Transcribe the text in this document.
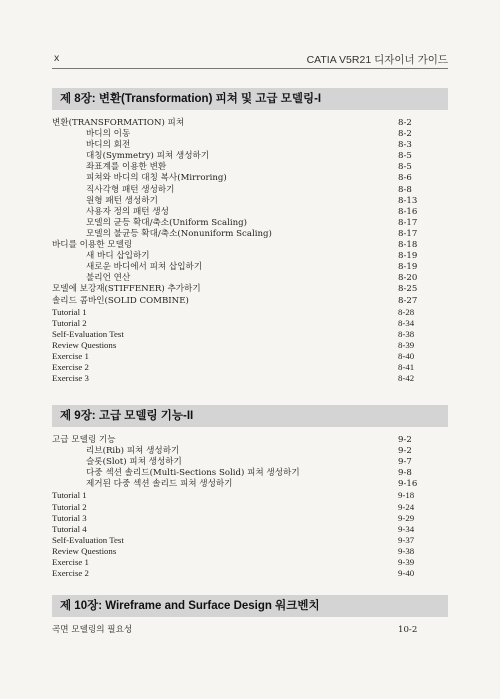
x	CATIA V5R21 디자이너 가이드
제 8장: 변환(Transformation) 피쳐 및 고급 모델링-I
변환(TRANSFORMATION) 피쳐	8-2
바디의 이동	8-2
바디의 회전	8-3
대칭(Symmetry) 피쳐 생성하기	8-5
좌표계를 이용한 변환	8-5
피쳐와 바디의 대칭 복사(Mirroring)	8-6
직사각형 패턴 생성하기	8-8
원형 패턴 생성하기	8-13
사용자 정의 패턴 생성	8-16
모델의 균등 확대/축소(Uniform Scaling)	8-17
모델의 불균등 확대/축소(Nonuniform Scaling)	8-17
바디를 이용한 모델링	8-18
새 바디 삽입하기	8-19
새로운 바디에서 피쳐 삽입하기	8-19
불리언 연산	8-20
모델에 보강재(STIFFENER) 추가하기	8-25
솔리드 콤바인(SOLID COMBINE)	8-27
Tutorial 1	8-28
Tutorial 2	8-34
Self-Evaluation Test	8-38
Review Questions	8-39
Exercise 1	8-40
Exercise 2	8-41
Exercise 3	8-42
제 9장: 고급 모델링 기능-II
고급 모델링 기능	9-2
리브(Rib) 피쳐 생성하기	9-2
슬롯(Slot) 피쳐 생성하기	9-7
다중 섹션 솔리드(Multi-Sections Solid) 피쳐 생성하기	9-8
제거된 다중 섹션 솔리드 피쳐 생성하기	9-16
Tutorial 1	9-18
Tutorial 2	9-24
Tutorial 3	9-29
Tutorial 4	9-34
Self-Evaluation Test	9-37
Review Questions	9-38
Exercise 1	9-39
Exercise 2	9-40
제 10장: Wireframe and Surface Design 워크벤치
곡면 모델링의 필요성	10-2
